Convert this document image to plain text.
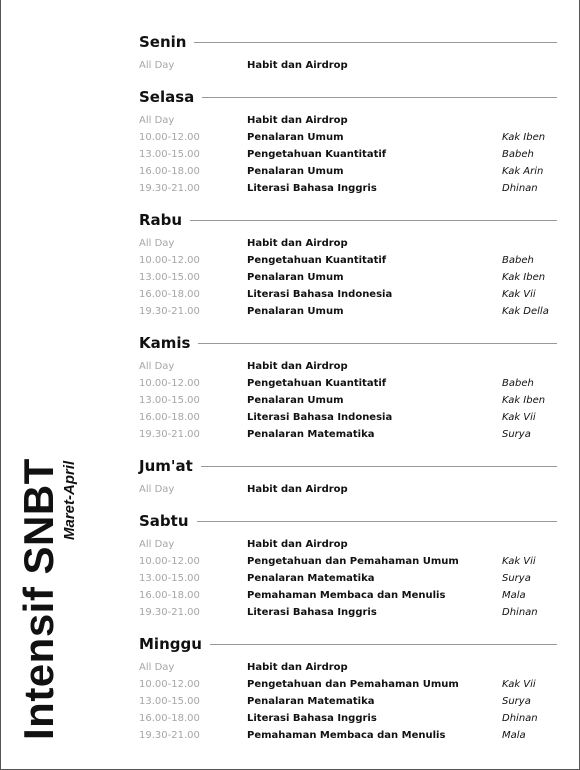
Intensif SNBT Maret-April
Senin
All Day	Habit dan Airdrop
Selasa
All Day	Habit dan Airdrop
10.00-12.00	Penalaran Umum	Kak Iben
13.00-15.00	Pengetahuan Kuantitatif	Babeh
16.00-18.00	Penalaran Umum	Kak Arin
19.30-21.00	Literasi Bahasa Inggris	Dhinan
Rabu
All Day	Habit dan Airdrop
10.00-12.00	Pengetahuan Kuantitatif	Babeh
13.00-15.00	Penalaran Umum	Kak Iben
16.00-18.00	Literasi Bahasa Indonesia	Kak Vii
19.30-21.00	Penalaran Umum	Kak Della
Kamis
All Day	Habit dan Airdrop
10.00-12.00	Pengetahuan Kuantitatif	Babeh
13.00-15.00	Penalaran Umum	Kak Iben
16.00-18.00	Literasi Bahasa Indonesia	Kak Vii
19.30-21.00	Penalaran Matematika	Surya
Jum'at
All Day	Habit dan Airdrop
Sabtu
All Day	Habit dan Airdrop
10.00-12.00	Pengetahuan dan Pemahaman Umum	Kak Vii
13.00-15.00	Penalaran Matematika	Surya
16.00-18.00	Pemahaman Membaca dan Menulis	Mala
19.30-21.00	Literasi Bahasa Inggris	Dhinan
Minggu
All Day	Habit dan Airdrop
10.00-12.00	Pengetahuan dan Pemahaman Umum	Kak Vii
13.00-15.00	Penalaran Matematika	Surya
16.00-18.00	Literasi Bahasa Inggris	Dhinan
19.30-21.00	Pemahaman Membaca dan Menulis	Mala
